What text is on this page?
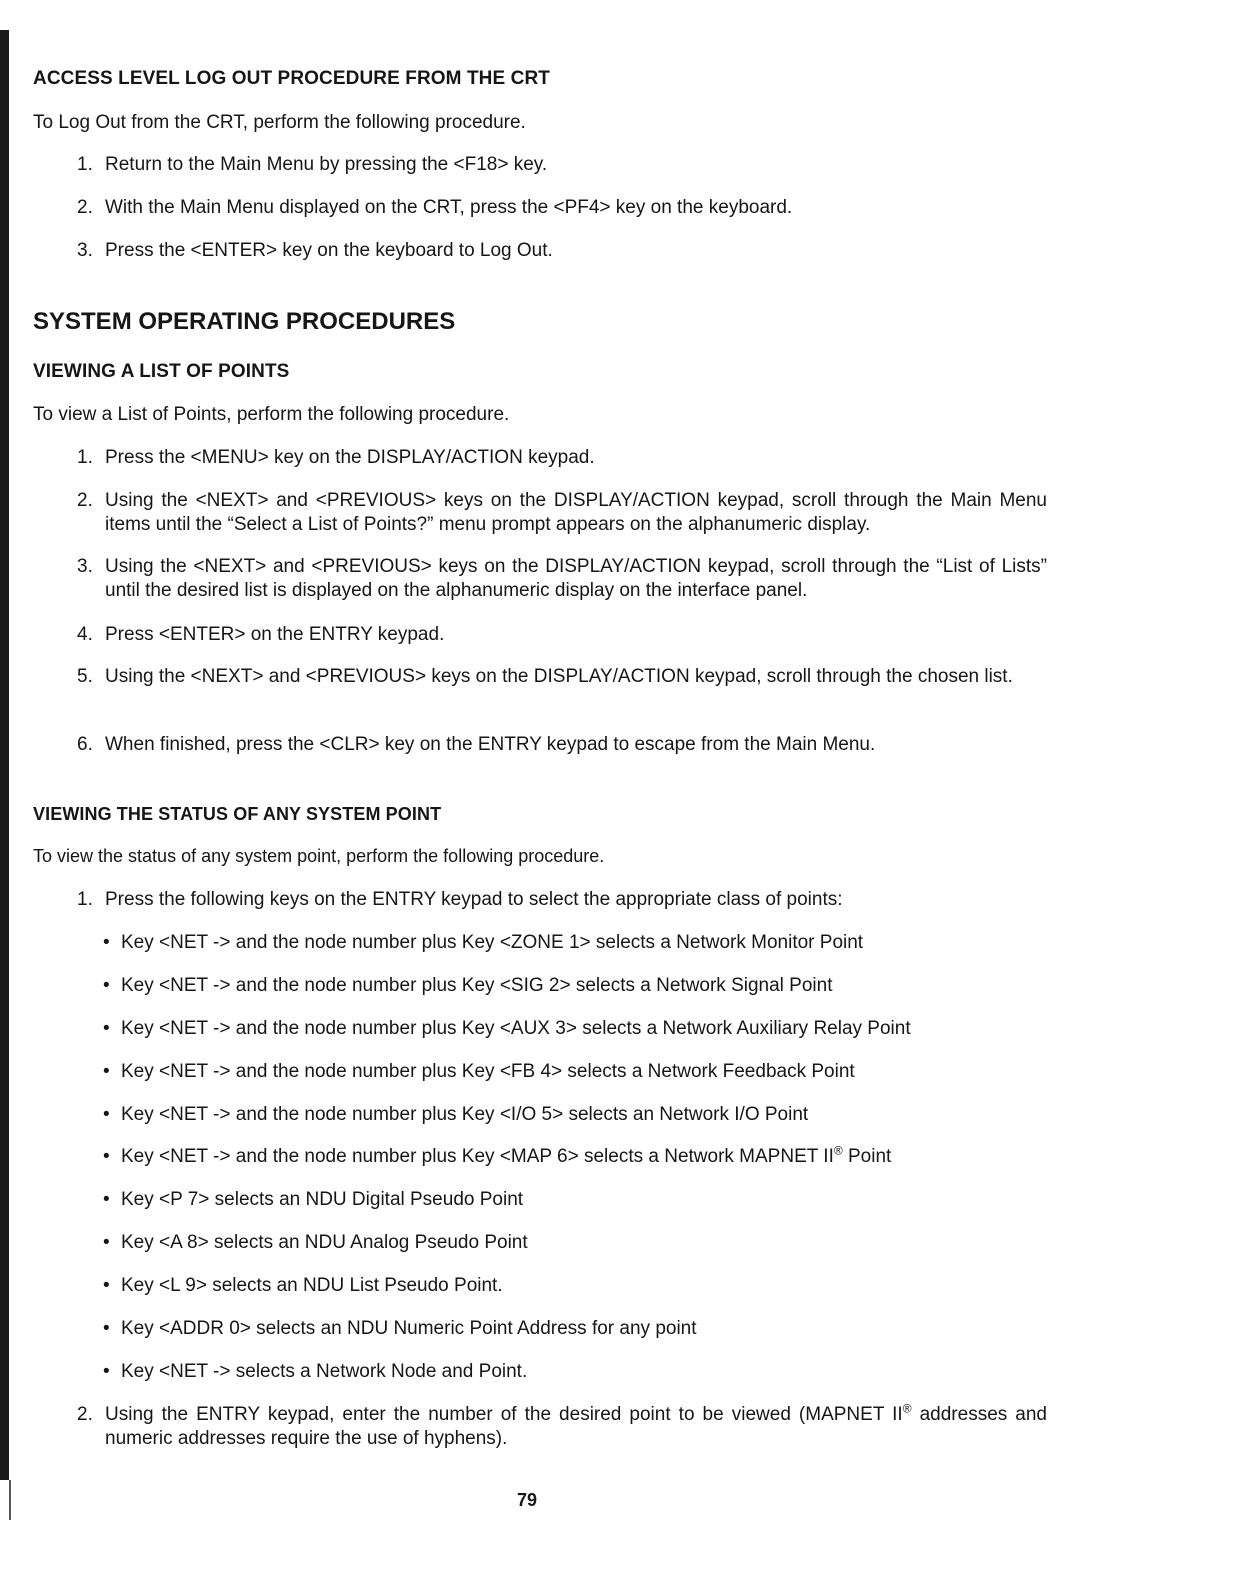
ACCESS LEVEL LOG OUT PROCEDURE FROM THE CRT
To Log Out from the CRT, perform the following procedure.
1. Return to the Main Menu by pressing the <F18> key.
2. With the Main Menu displayed on the CRT, press the <PF4> key on the keyboard.
3. Press the <ENTER> key on the keyboard to Log Out.
SYSTEM OPERATING PROCEDURES
VIEWING A LIST OF POINTS
To view a List of Points, perform the following procedure.
1. Press the <MENU> key on the DISPLAY/ACTION keypad.
2. Using the <NEXT> and <PREVIOUS> keys on the DISPLAY/ACTION keypad, scroll through the Main Menu items until the “Select a List of Points?” menu prompt appears on the alphanumeric display.
3. Using the <NEXT> and <PREVIOUS> keys on the DISPLAY/ACTION keypad, scroll through the “List of Lists” until the desired list is displayed on the alphanumeric display on the interface panel.
4. Press <ENTER> on the ENTRY keypad.
5. Using the <NEXT> and <PREVIOUS> keys on the DISPLAY/ACTION keypad, scroll through the chosen list.
6. When finished, press the <CLR> key on the ENTRY keypad to escape from the Main Menu.
VIEWING THE STATUS OF ANY SYSTEM POINT
To view the status of any system point, perform the following procedure.
1. Press the following keys on the ENTRY keypad to select the appropriate class of points:
• Key <NET -> and the node number plus Key <ZONE 1> selects a Network Monitor Point
• Key <NET -> and the node number plus Key <SIG 2> selects a Network Signal Point
• Key <NET -> and the node number plus Key <AUX 3> selects a Network Auxiliary Relay Point
• Key <NET -> and the node number plus Key <FB 4> selects a Network Feedback Point
• Key <NET -> and the node number plus Key <I/O 5> selects an Network I/O Point
• Key <NET -> and the node number plus Key <MAP 6> selects a Network MAPNET II® Point
• Key <P 7> selects an NDU Digital Pseudo Point
• Key <A 8> selects an NDU Analog Pseudo Point
• Key <L 9> selects an NDU List Pseudo Point.
• Key <ADDR 0> selects an NDU Numeric Point Address for any point
• Key <NET -> selects a Network Node and Point.
2. Using the ENTRY keypad, enter the number of the desired point to be viewed (MAPNET II® addresses and numeric addresses require the use of hyphens).
79
